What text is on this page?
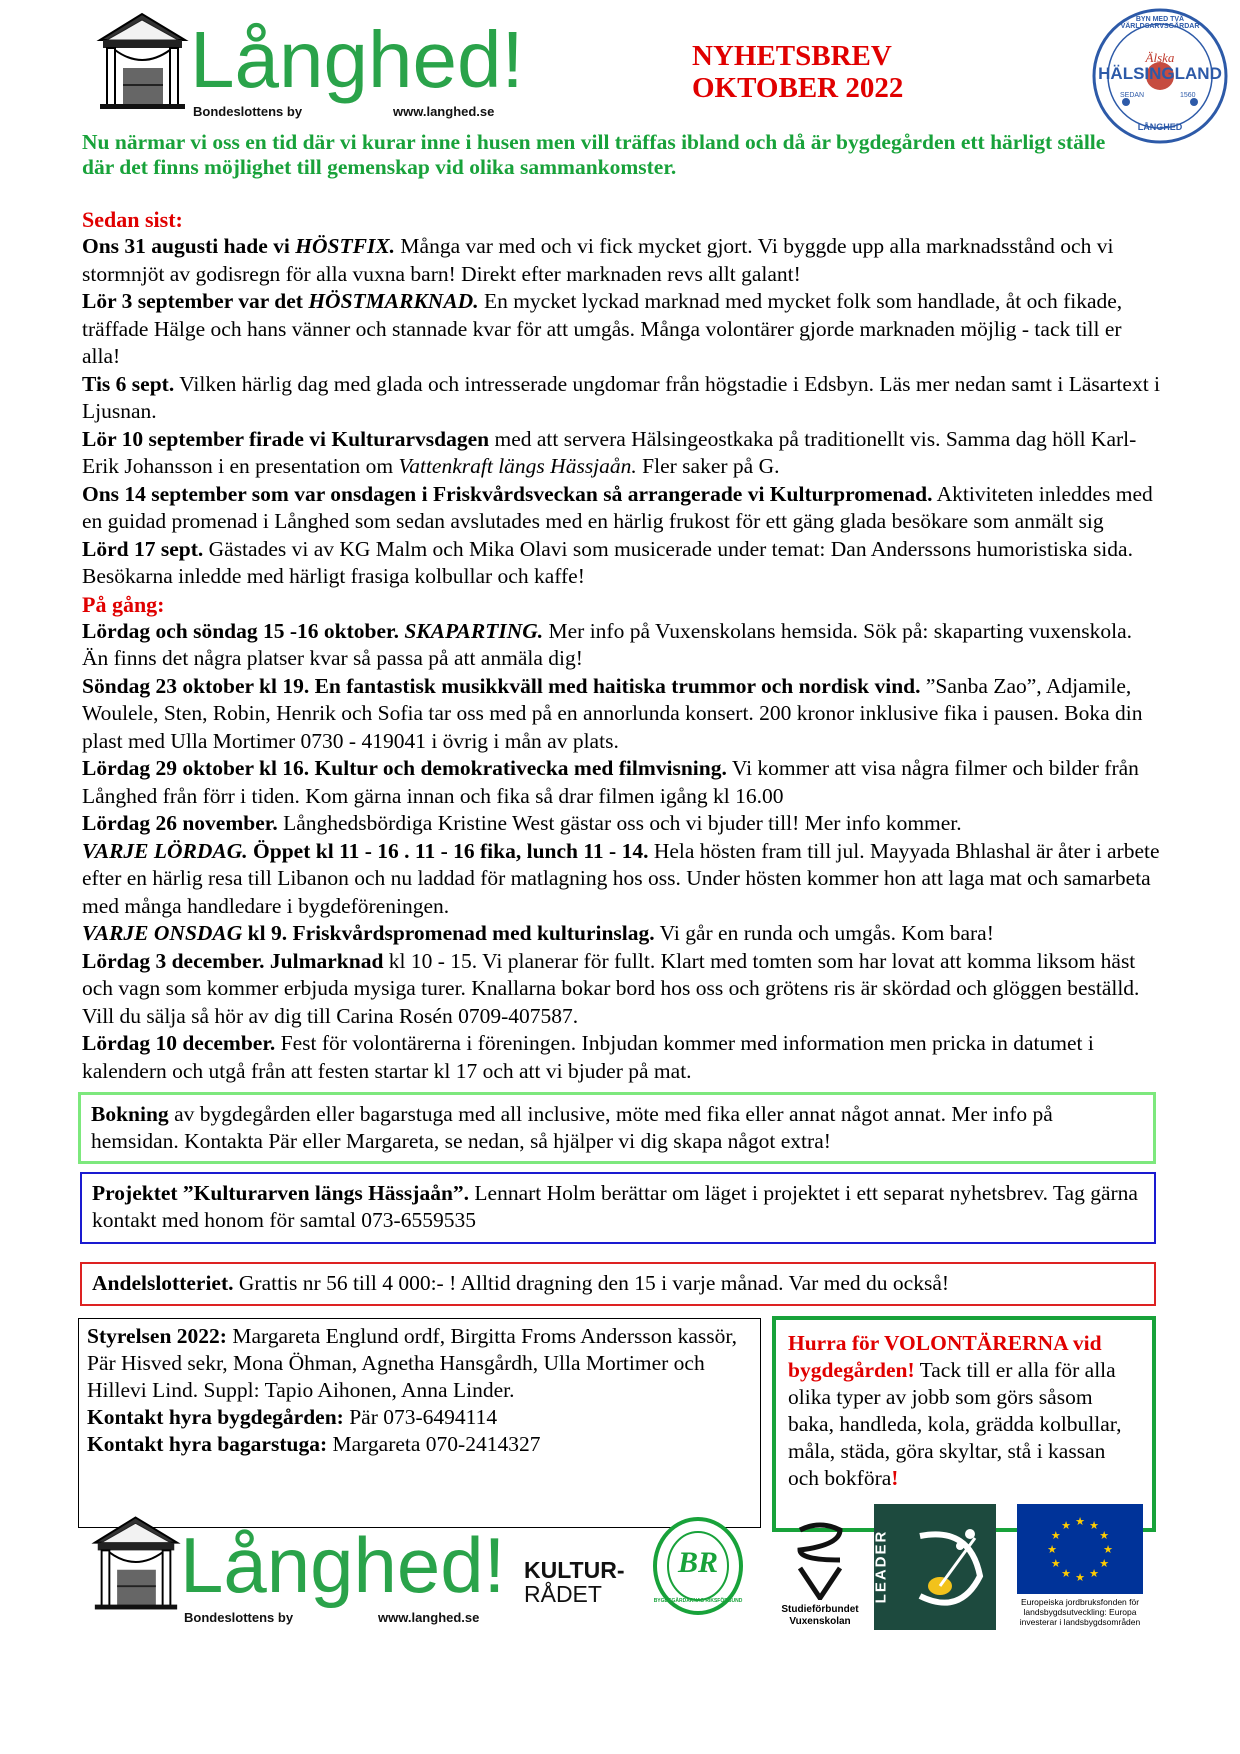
Långhed!
Bondeslottens by	www.langhed.se
NYHETSBREV
OKTOBER 2022
BYN MED TVÅ VÄRLDSARVSGÅRDAR
Älska
HÄLSINGLAND
SEDAN	1560
LÅNGHED
Nu närmar vi oss en tid där vi kurar inne i husen men vill träffas ibland och då är bygdegården ett härligt ställe där det finns möjlighet till gemenskap vid olika sammankomster.
Sedan sist:

Ons 31 augusti hade vi HÖSTFIX. Många var med och vi fick mycket gjort. Vi byggde upp alla marknadsstånd och vi stormnjöt av godisregn för alla vuxna barn! Direkt efter marknaden revs allt galant!

Lör 3 september var det HÖSTMARKNAD. En mycket lyckad marknad med mycket folk som handlade, åt och fikade, träffade Hälge och hans vänner och stannade kvar för att umgås. Många volontärer gjorde marknaden möjlig - tack till er alla!

Tis 6 sept. Vilken härlig dag med glada och intresserade ungdomar från högstadie i Edsbyn. Läs mer nedan samt i Läsartext i Ljusnan.

Lör 10 september firade vi Kulturarvsdagen med att servera Hälsingeostkaka på traditionellt vis. Samma dag höll Karl-Erik Johansson i en presentation om Vattenkraft längs Hässjaån. Fler saker på G.

Ons 14 september som var onsdagen i Friskvårdsveckan så arrangerade vi Kulturpromenad. Aktiviteten inleddes med en guidad promenad i Långhed som sedan avslutades med en härlig frukost för ett gäng glada besökare som anmält sig

Lörd 17 sept. Gästades vi av KG Malm och Mika Olavi som musicerade under temat: Dan Anderssons humoristiska sida. Besökarna inledde med härligt frasiga kolbullar och kaffe!

På gång:

Lördag och söndag 15 -16 oktober. SKAPARTING. Mer info på Vuxenskolans hemsida. Sök på: skaparting vuxenskola. Än finns det några platser kvar så passa på att anmäla dig!

Söndag 23 oktober kl 19. En fantastisk musikkväll med haitiska trummor och nordisk vind. ”Sanba Zao”, Adjamile, Woulele, Sten, Robin, Henrik och Sofia tar oss med på en annorlunda konsert. 200 kronor inklusive fika i pausen. Boka din plast med Ulla Mortimer 0730 - 419041 i övrig i mån av plats.

Lördag 29 oktober kl 16. Kultur och demokrativecka med filmvisning. Vi kommer att visa några filmer och bilder från Långhed från förr i tiden. Kom gärna innan och fika så drar filmen igång kl 16.00

Lördag 26 november. Långhedsbördiga Kristine West gästar oss och vi bjuder till! Mer info kommer.

VARJE LÖRDAG. Öppet kl 11 - 16 . 11 - 16 fika, lunch 11 - 14. Hela hösten fram till jul. Mayyada Bhlashal är åter i arbete efter en härlig resa till Libanon och nu laddad för matlagning hos oss. Under hösten kommer hon att laga mat och samarbeta med många handledare i bygdeföreningen.

VARJE ONSDAG kl 9. Friskvårdspromenad med kulturinslag. Vi går en runda och umgås. Kom bara!

Lördag 3 december. Julmarknad kl 10 - 15. Vi planerar för fullt. Klart med tomten som har lovat att komma liksom häst och vagn som kommer erbjuda mysiga turer. Knallarna bokar bord hos oss och grötens ris är skördad och glöggen beställd. Vill du sälja så hör av dig till Carina Rosén 0709-407587.

Lördag 10 december. Fest för volontärerna i föreningen. Inbjudan kommer med information men pricka in datumet i kalendern och utgå från att festen startar kl 17 och att vi bjuder på mat.

Bokning av bygdegården eller bagarstuga med all inclusive, möte med fika eller annat något annat. Mer info på hemsidan. Kontakta Pär eller Margareta, se nedan, så hjälper vi dig skapa något extra!
Projektet ”Kulturarven längs Hässjaån”. Lennart Holm berättar om läget i projektet i ett separat nyhetsbrev. Tag gärna kontakt med honom för samtal 073-6559535
Andelslotteriet. Grattis nr 56 till 4 000:- ! Alltid dragning den 15 i varje månad. Var med du också!
Styrelsen 2022: Margareta Englund ordf, Birgitta Froms Andersson kassör, Pär Hisved sekr, Mona Öhman, Agnetha Hansgårdh, Ulla Mortimer och Hillevi Lind. Suppl: Tapio Aihonen, Anna Linder.
Kontakt hyra bygdegården: Pär 073-6494114
Kontakt hyra bagarstuga: Margareta 070-2414327
Hurra för VOLONTÄRERNA vid bygdegården! Tack till er alla för alla olika typer av jobb som görs såsom baka, handleda, kola, grädda kolbullar, måla, städa, göra skyltar, stå i kassan och bokföra!
Långhed!
Bondeslottens by	www.langhed.se
KULTUR-
RÅDET
BR
BYGDEGÅRDARNAS RIKSFÖRBUND
Studieförbundet
Vuxenskolan
LEADER	★
★
★
★
★
★
★
★
★ ★ ★
★
Europeiska jordbruksfonden för landsbygdsutveckling: Europa investerar i landsbygdsområden
